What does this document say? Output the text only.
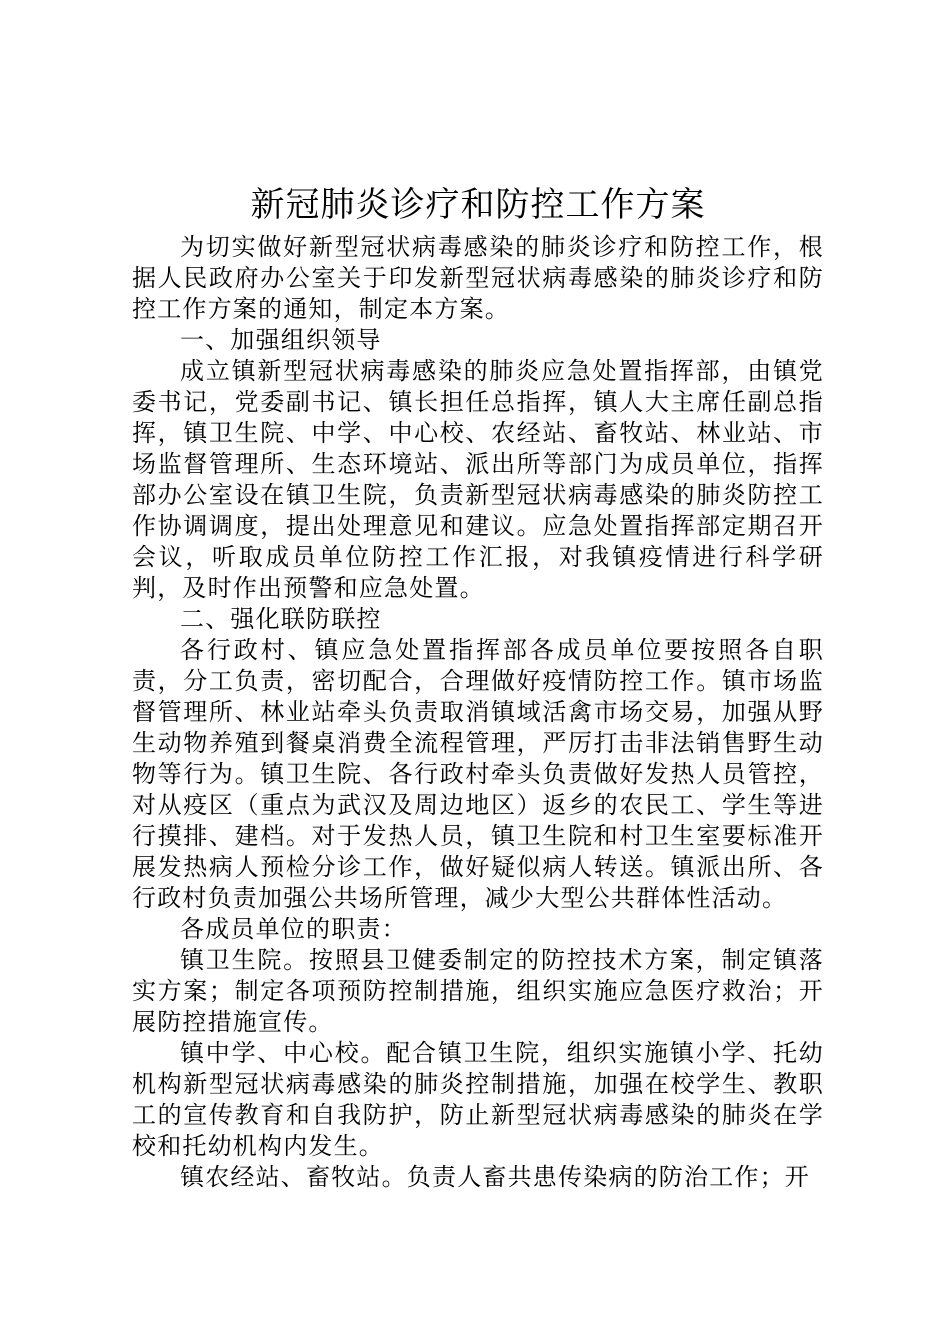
新冠肺炎诊疗和防控工作方案

为切实做好新型冠状病毒感染的肺炎诊疗和防控工作，根据人民政府办公室关于印发新型冠状病毒感染的肺炎诊疗和防控工作方案的通知，制定本方案。

一、加强组织领导

成立镇新型冠状病毒感染的肺炎应急处置指挥部，由镇党委书记，党委副书记、镇长担任总指挥，镇人大主席任副总指挥，镇卫生院、中学、中心校、农经站、畜牧站、林业站、市场监督管理所、生态环境站、派出所等部门为成员单位，指挥部办公室设在镇卫生院，负责新型冠状病毒感染的肺炎防控工作协调调度，提出处理意见和建议。应急处置指挥部定期召开会议，听取成员单位防控工作汇报，对我镇疫情进行科学研判，及时作出预警和应急处置。

二、强化联防联控

各行政村、镇应急处置指挥部各成员单位要按照各自职责，分工负责，密切配合，合理做好疫情防控工作。镇市场监督管理所、林业站牵头负责取消镇域活禽市场交易，加强从野生动物养殖到餐桌消费全流程管理，严厉打击非法销售野生动物等行为。镇卫生院、各行政村牵头负责做好发热人员管控，对从疫区（重点为武汉及周边地区）返乡的农民工、学生等进行摸排、建档。对于发热人员，镇卫生院和村卫生室要标准开展发热病人预检分诊工作，做好疑似病人转送。镇派出所、各行政村负责加强公共场所管理，减少大型公共群体性活动。

各成员单位的职责：

镇卫生院。按照县卫健委制定的防控技术方案，制定镇落实方案；制定各项预防控制措施，组织实施应急医疗救治；开展防控措施宣传。

镇中学、中心校。配合镇卫生院，组织实施镇小学、托幼机构新型冠状病毒感染的肺炎控制措施，加强在校学生、教职工的宣传教育和自我防护，防止新型冠状病毒感染的肺炎在学校和托幼机构内发生。

镇农经站、畜牧站。负责人畜共患传染病的防治工作；开
